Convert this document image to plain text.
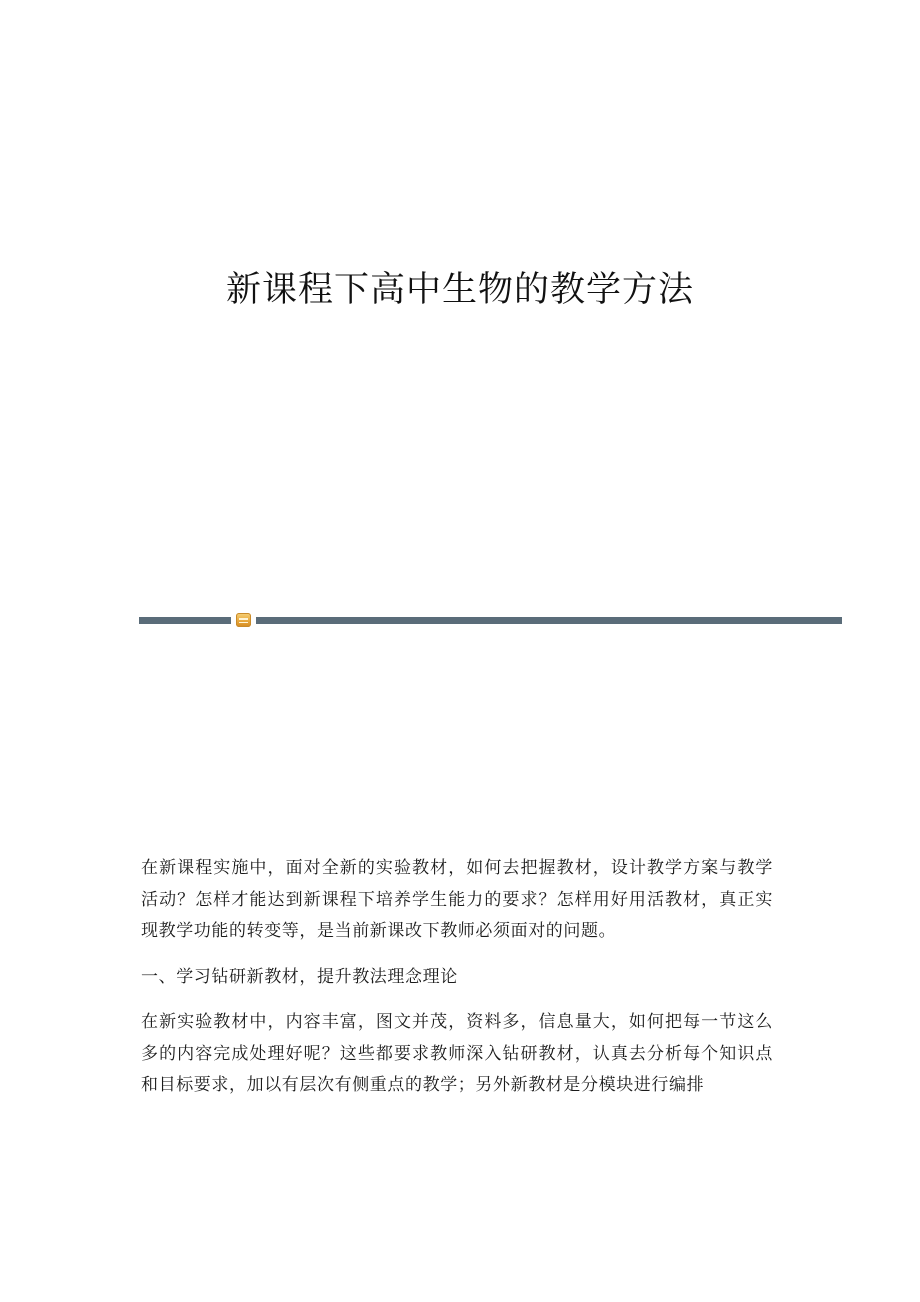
新课程下高中生物的教学方法

在新课程实施中，面对全新的实验教材，如何去把握教材，设计教学方案与教学活动？怎样才能达到新课程下培养学生能力的要求？怎样用好用活教材，真正实现教学功能的转变等，是当前新课改下教师必须面对的问题。

一、学习钻研新教材，提升教法理念理论

在新实验教材中，内容丰富，图文并茂，资料多，信息量大，如何把每一节这么多的内容完成处理好呢？这些都要求教师深入钻研教材，认真去分析每个知识点和目标要求，加以有层次有侧重点的教学；另外新教材是分模块进行编排
